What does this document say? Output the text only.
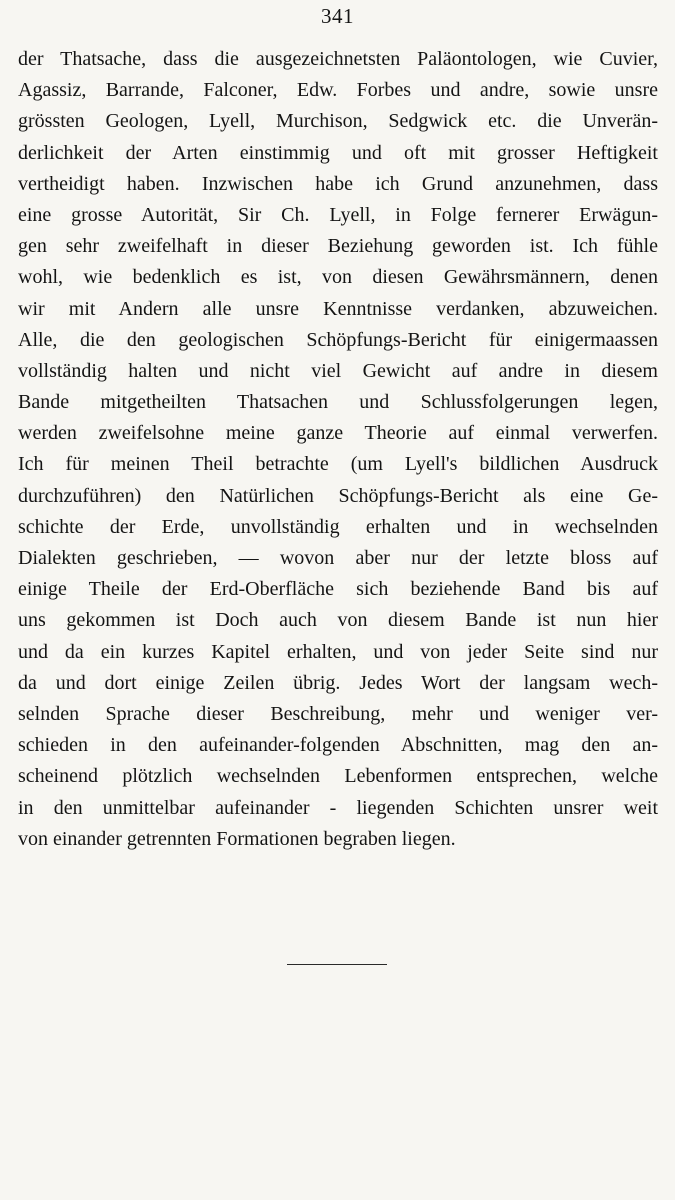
341
der Thatsache, dass die ausgezeichnetsten Paläontologen, wie Cuvier,
Agassiz, Barrande, Falconer, Edw. Forbes und andre, sowie unsre
grössten Geologen, Lyell, Murchison, Sedgwick etc. die Unverän-
derlichkeit der Arten einstimmig und oft mit grosser Heftigkeit
vertheidigt haben. Inzwischen habe ich Grund anzunehmen, dass
eine grosse Autorität, Sir Ch. Lyell, in Folge fernerer Erwägun-
gen sehr zweifelhaft in dieser Beziehung geworden ist. Ich fühle
wohl, wie bedenklich es ist, von diesen Gewährsmännern, denen
wir mit Andern alle unsre Kenntnisse verdanken, abzuweichen.
Alle, die den geologischen Schöpfungs-Bericht für einigermaassen
vollständig halten und nicht viel Gewicht auf andre in diesem
Bande mitgetheilten Thatsachen und Schlussfolgerungen legen,
werden zweifelsohne meine ganze Theorie auf einmal verwerfen.
Ich für meinen Theil betrachte (um Lyell's bildlichen Ausdruck
durchzuführen) den Natürlichen Schöpfungs-Bericht als eine Ge-
schichte der Erde, unvollständig erhalten und in wechselnden
Dialekten geschrieben, — wovon aber nur der letzte bloss auf
einige Theile der Erd-Oberfläche sich beziehende Band bis auf
uns gekommen ist Doch auch von diesem Bande ist nun hier
und da ein kurzes Kapitel erhalten, und von jeder Seite sind nur
da und dort einige Zeilen übrig. Jedes Wort der langsam wech-
selnden Sprache dieser Beschreibung, mehr und weniger ver-
schieden in den aufeinander-folgenden Abschnitten, mag den an-
scheinend plötzlich wechselnden Lebenformen entsprechen, welche
in den unmittelbar aufeinander - liegenden Schichten unsrer weit
von einander getrennten Formationen begraben liegen.
